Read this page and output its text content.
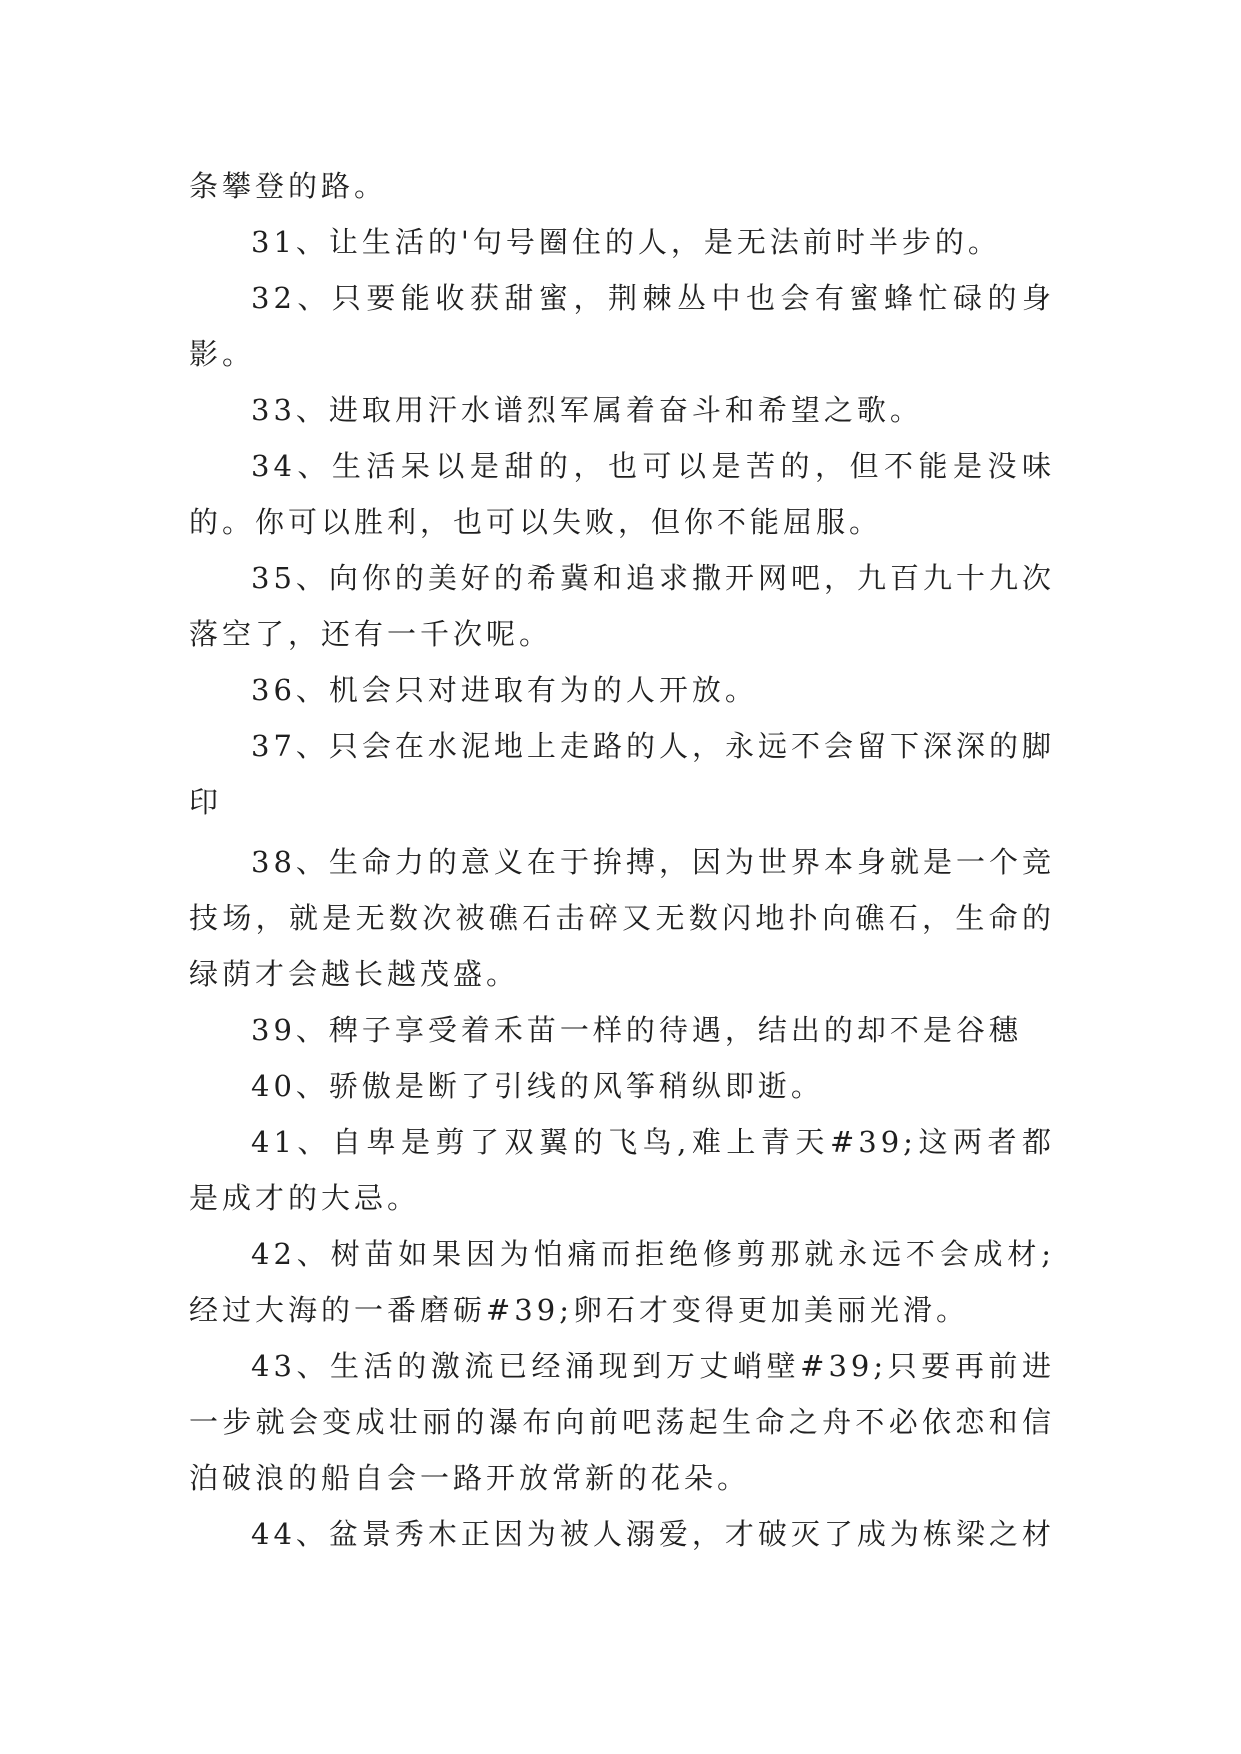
条攀登的路。

31、让生活的'句号圈住的人，是无法前时半步的。

32、只要能收获甜蜜，荆棘丛中也会有蜜蜂忙碌的身影。

33、进取用汗水谱烈军属着奋斗和希望之歌。

34、生活呆以是甜的，也可以是苦的，但不能是没味的。你可以胜利，也可以失败，但你不能屈服。

35、向你的美好的希冀和追求撒开网吧，九百九十九次落空了，还有一千次呢。

36、机会只对进取有为的人开放。

37、只会在水泥地上走路的人，永远不会留下深深的脚印

38、生命力的意义在于拚搏，因为世界本身就是一个竞技场，就是无数次被礁石击碎又无数闪地扑向礁石，生命的绿荫才会越长越茂盛。

39、稗子享受着禾苗一样的待遇，结出的却不是谷穗

40、骄傲是断了引线的风筝稍纵即逝。

41、自卑是剪了双翼的飞鸟,难上青天#39;这两者都是成才的大忌。

42、树苗如果因为怕痛而拒绝修剪那就永远不会成材;经过大海的一番磨砺#39;卵石才变得更加美丽光滑。

43、生活的激流已经涌现到万丈峭壁#39;只要再前进一步就会变成壮丽的瀑布向前吧荡起生命之舟不必依恋和信泊破浪的船自会一路开放常新的花朵。

44、盆景秀木正因为被人溺爱，才破灭了成为栋梁之材
